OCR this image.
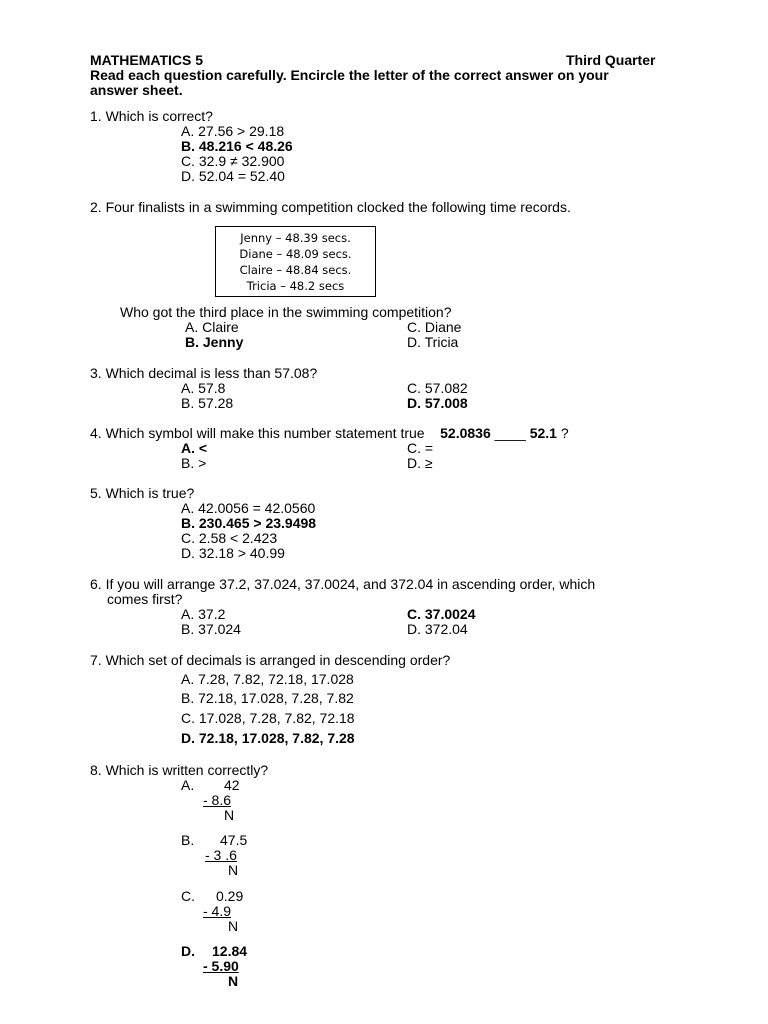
MATHEMATICS 5	Third Quarter
Read each question carefully. Encircle the letter of the correct answer on your
answer sheet.
1. Which is correct?
A. 27.56 > 29.18
B. 48.216 < 48.26
C. 32.9 ≠ 32.900
D. 52.04 = 52.40
2. Four finalists in a swimming competition clocked the following time records.
Jenny – 48.39 secs.
Diane – 48.09 secs.
Claire – 48.84 secs.
Tricia – 48.2 secs
Who got the third place in the swimming competition?
A. Claire
B. Jenny
C. Diane
D. Tricia
3. Which decimal is less than 57.08?
A. 57.8
B. 57.28
C. 57.082
D. 57.008
4. Which symbol will make this number statement true 52.0836 ____ 52.1 ?
A. <
B. >
C. =
D. ≥
5. Which is true?
A. 42.0056 = 42.0560
B. 230.465 > 23.9498
C. 2.58 < 2.423
D. 32.18 > 40.99
6. If you will arrange 37.2, 37.024, 37.0024, and 372.04 in ascending order, which
comes first?
A. 37.2
B. 37.024
C. 37.0024
D. 372.04
7. Which set of decimals is arranged in descending order?
A. 7.28, 7.82, 72.18, 17.028
B. 72.18, 17.028, 7.28, 7.82
C. 17.028, 7.28, 7.82, 72.18
D. 72.18, 17.028, 7.82, 7.28
8. Which is written correctly?
A. 42
- 8.6
N
B. 47.5
- 3 .6
N
C. 0.29
- 4.9
N
D. 12.84
- 5.90
N
